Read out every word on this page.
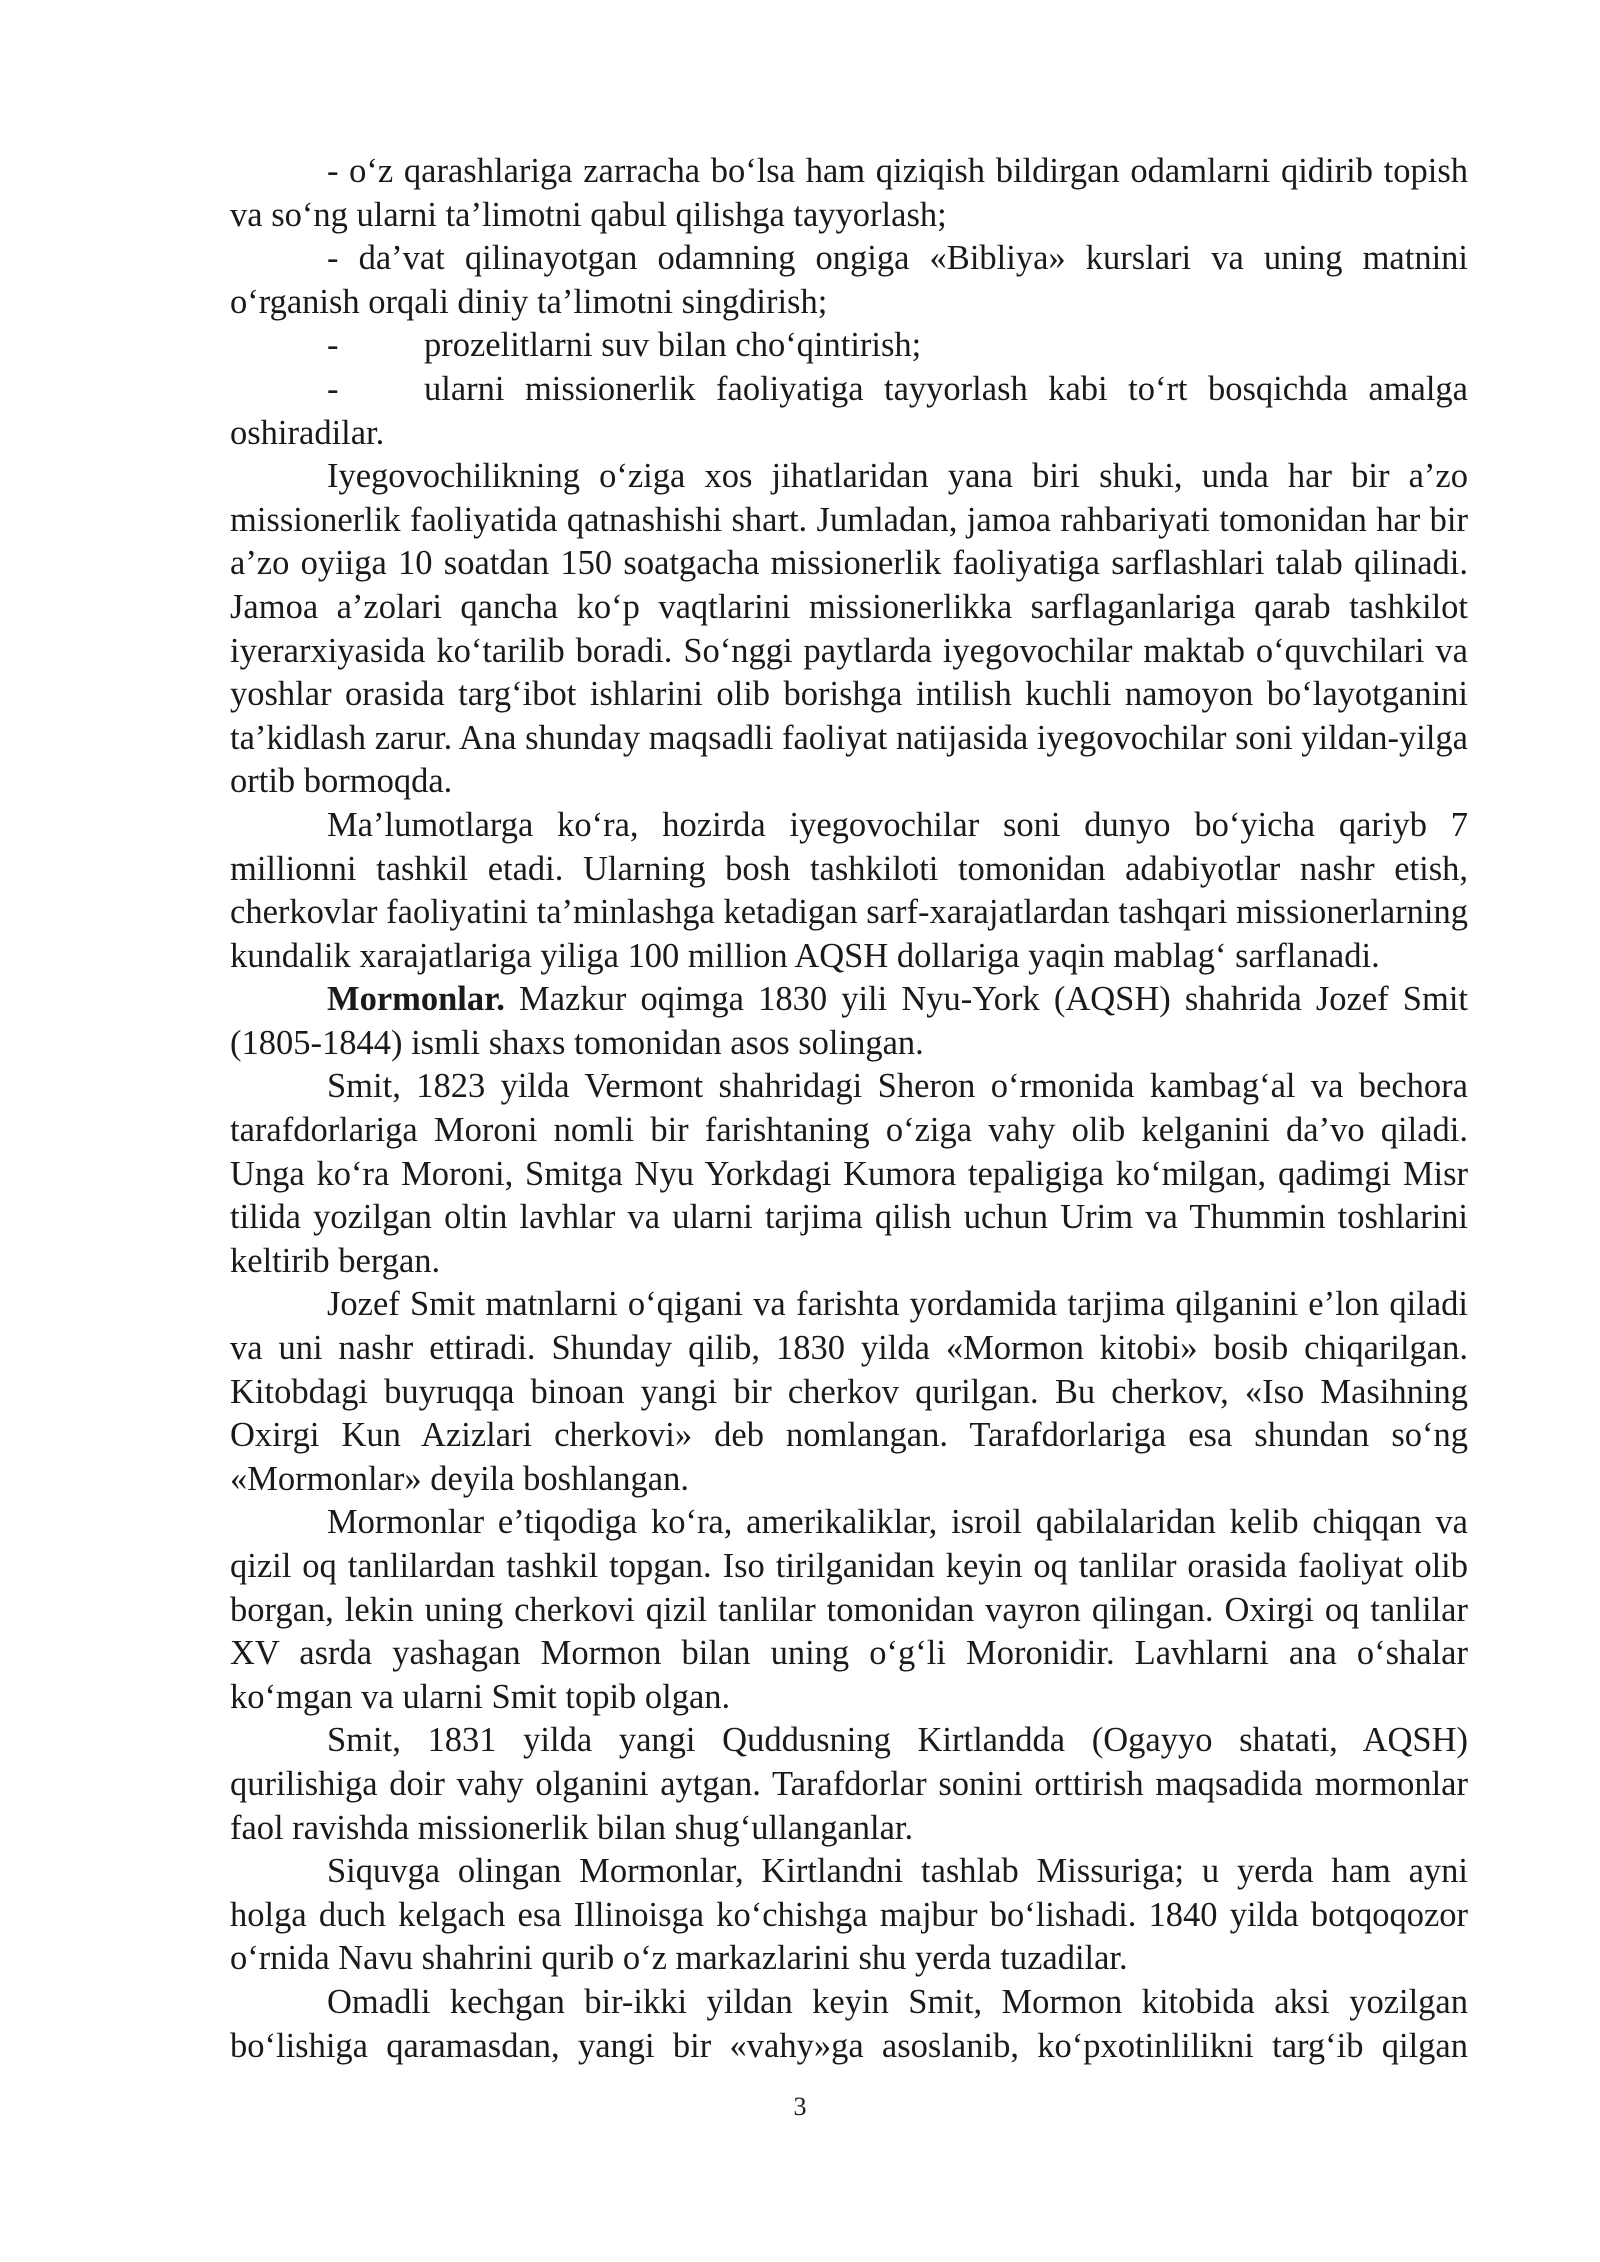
- o‘z qarashlariga zarracha bo‘lsa ham qiziqish bildirgan odamlarni qidirib topish va so‘ng ularni ta’limotni qabul qilishga tayyorlash;

- da’vat qilinayotgan odamning ongiga «Bibliya» kurslari va uning matnini o‘rganish orqali diniy ta’limotni singdirish;

-	prozelitlarni suv bilan cho‘qintirish;
-	ularni missionerlik faoliyatiga tayyorlash kabi to‘rt bosqichda amalga

oshiradilar.

Iyegovochilikning o‘ziga xos jihatlaridan yana biri shuki, unda har bir a’zo missionerlik faoliyatida qatnashishi shart. Jumladan, jamoa rahbariyati tomonidan har bir a’zo oyiiga 10 soatdan 150 soatgacha missionerlik faoliyatiga sarflashlari talab qilinadi. Jamoa a’zolari qancha ko‘p vaqtlarini missionerlikka sarflaganlariga qarab tashkilot iyerarxiyasida ko‘tarilib boradi. So‘nggi paytlarda iyegovochilar maktab o‘quvchilari va yoshlar orasida targ‘ibot ishlarini olib borishga intilish kuchli namoyon bo‘layotganini ta’kidlash zarur. Ana shunday maqsadli faoliyat natijasida iyegovochilar soni yildan-yilga ortib bormoqda.

Ma’lumotlarga ko‘ra, hozirda iyegovochilar soni dunyo bo‘yicha qariyb 7 millionni tashkil etadi. Ularning bosh tashkiloti tomonidan adabiyotlar nashr etish, cherkovlar faoliyatini ta’minlashga ketadigan sarf-xarajatlardan tashqari missionerlarning kundalik xarajatlariga yiliga 100 million AQSH dollariga yaqin mablag‘ sarflanadi.

Mormonlar. Mazkur oqimga 1830 yili Nyu-York (AQSH) shahrida Jozef Smit (1805-1844) ismli shaxs tomonidan asos solingan.

Smit, 1823 yilda Vermont shahridagi Sheron o‘rmonida kambag‘al va bechora tarafdorlariga Moroni nomli bir farishtaning o‘ziga vahy olib kelganini da’vo qiladi. Unga ko‘ra Moroni, Smitga Nyu Yorkdagi Kumora tepaligiga ko‘milgan, qadimgi Misr tilida yozilgan oltin lavhlar va ularni tarjima qilish uchun Urim va Thummin toshlarini keltirib bergan.

Jozef Smit matnlarni o‘qigani va farishta yordamida tarjima qilganini e’lon qiladi va uni nashr ettiradi. Shunday qilib, 1830 yilda «Mormon kitobi» bosib chiqarilgan. Kitobdagi buyruqqa binoan yangi bir cherkov qurilgan. Bu cherkov, «Iso Masihning Oxirgi Kun Azizlari cherkovi» deb nomlangan. Tarafdorlariga esa shundan so‘ng «Mormonlar» deyila boshlangan.

Mormonlar e’tiqodiga ko‘ra, amerikaliklar, isroil qabilalaridan kelib chiqqan va qizil oq tanlilardan tashkil topgan. Iso tirilganidan keyin oq tanlilar orasida faoliyat olib borgan, lekin uning cherkovi qizil tanlilar tomonidan vayron qilingan. Oxirgi oq tanlilar XV asrda yashagan Mormon bilan uning o‘g‘li Moronidir. Lavhlarni ana o‘shalar ko‘mgan va ularni Smit topib olgan.

Smit, 1831 yilda yangi Quddusning Kirtlandda (Ogayyo shatati, AQSH) qurilishiga doir vahy olganini aytgan. Tarafdorlar sonini orttirish maqsadida mormonlar faol ravishda missionerlik bilan shug‘ullanganlar.

Siquvga olingan Mormonlar, Kirtlandni tashlab Missuriga; u yerda ham ayni holga duch kelgach esa Illinoisga ko‘chishga majbur bo‘lishadi. 1840 yilda botqoqozor o‘rnida Navu shahrini qurib o‘z markazlarini shu yerda tuzadilar.

Omadli kechgan bir-ikki yildan keyin Smit, Mormon kitobida aksi yozilgan bo‘lishiga qaramasdan, yangi bir «vahy»ga asoslanib, ko‘pxotinlilikni targ‘ib qilgan

3
